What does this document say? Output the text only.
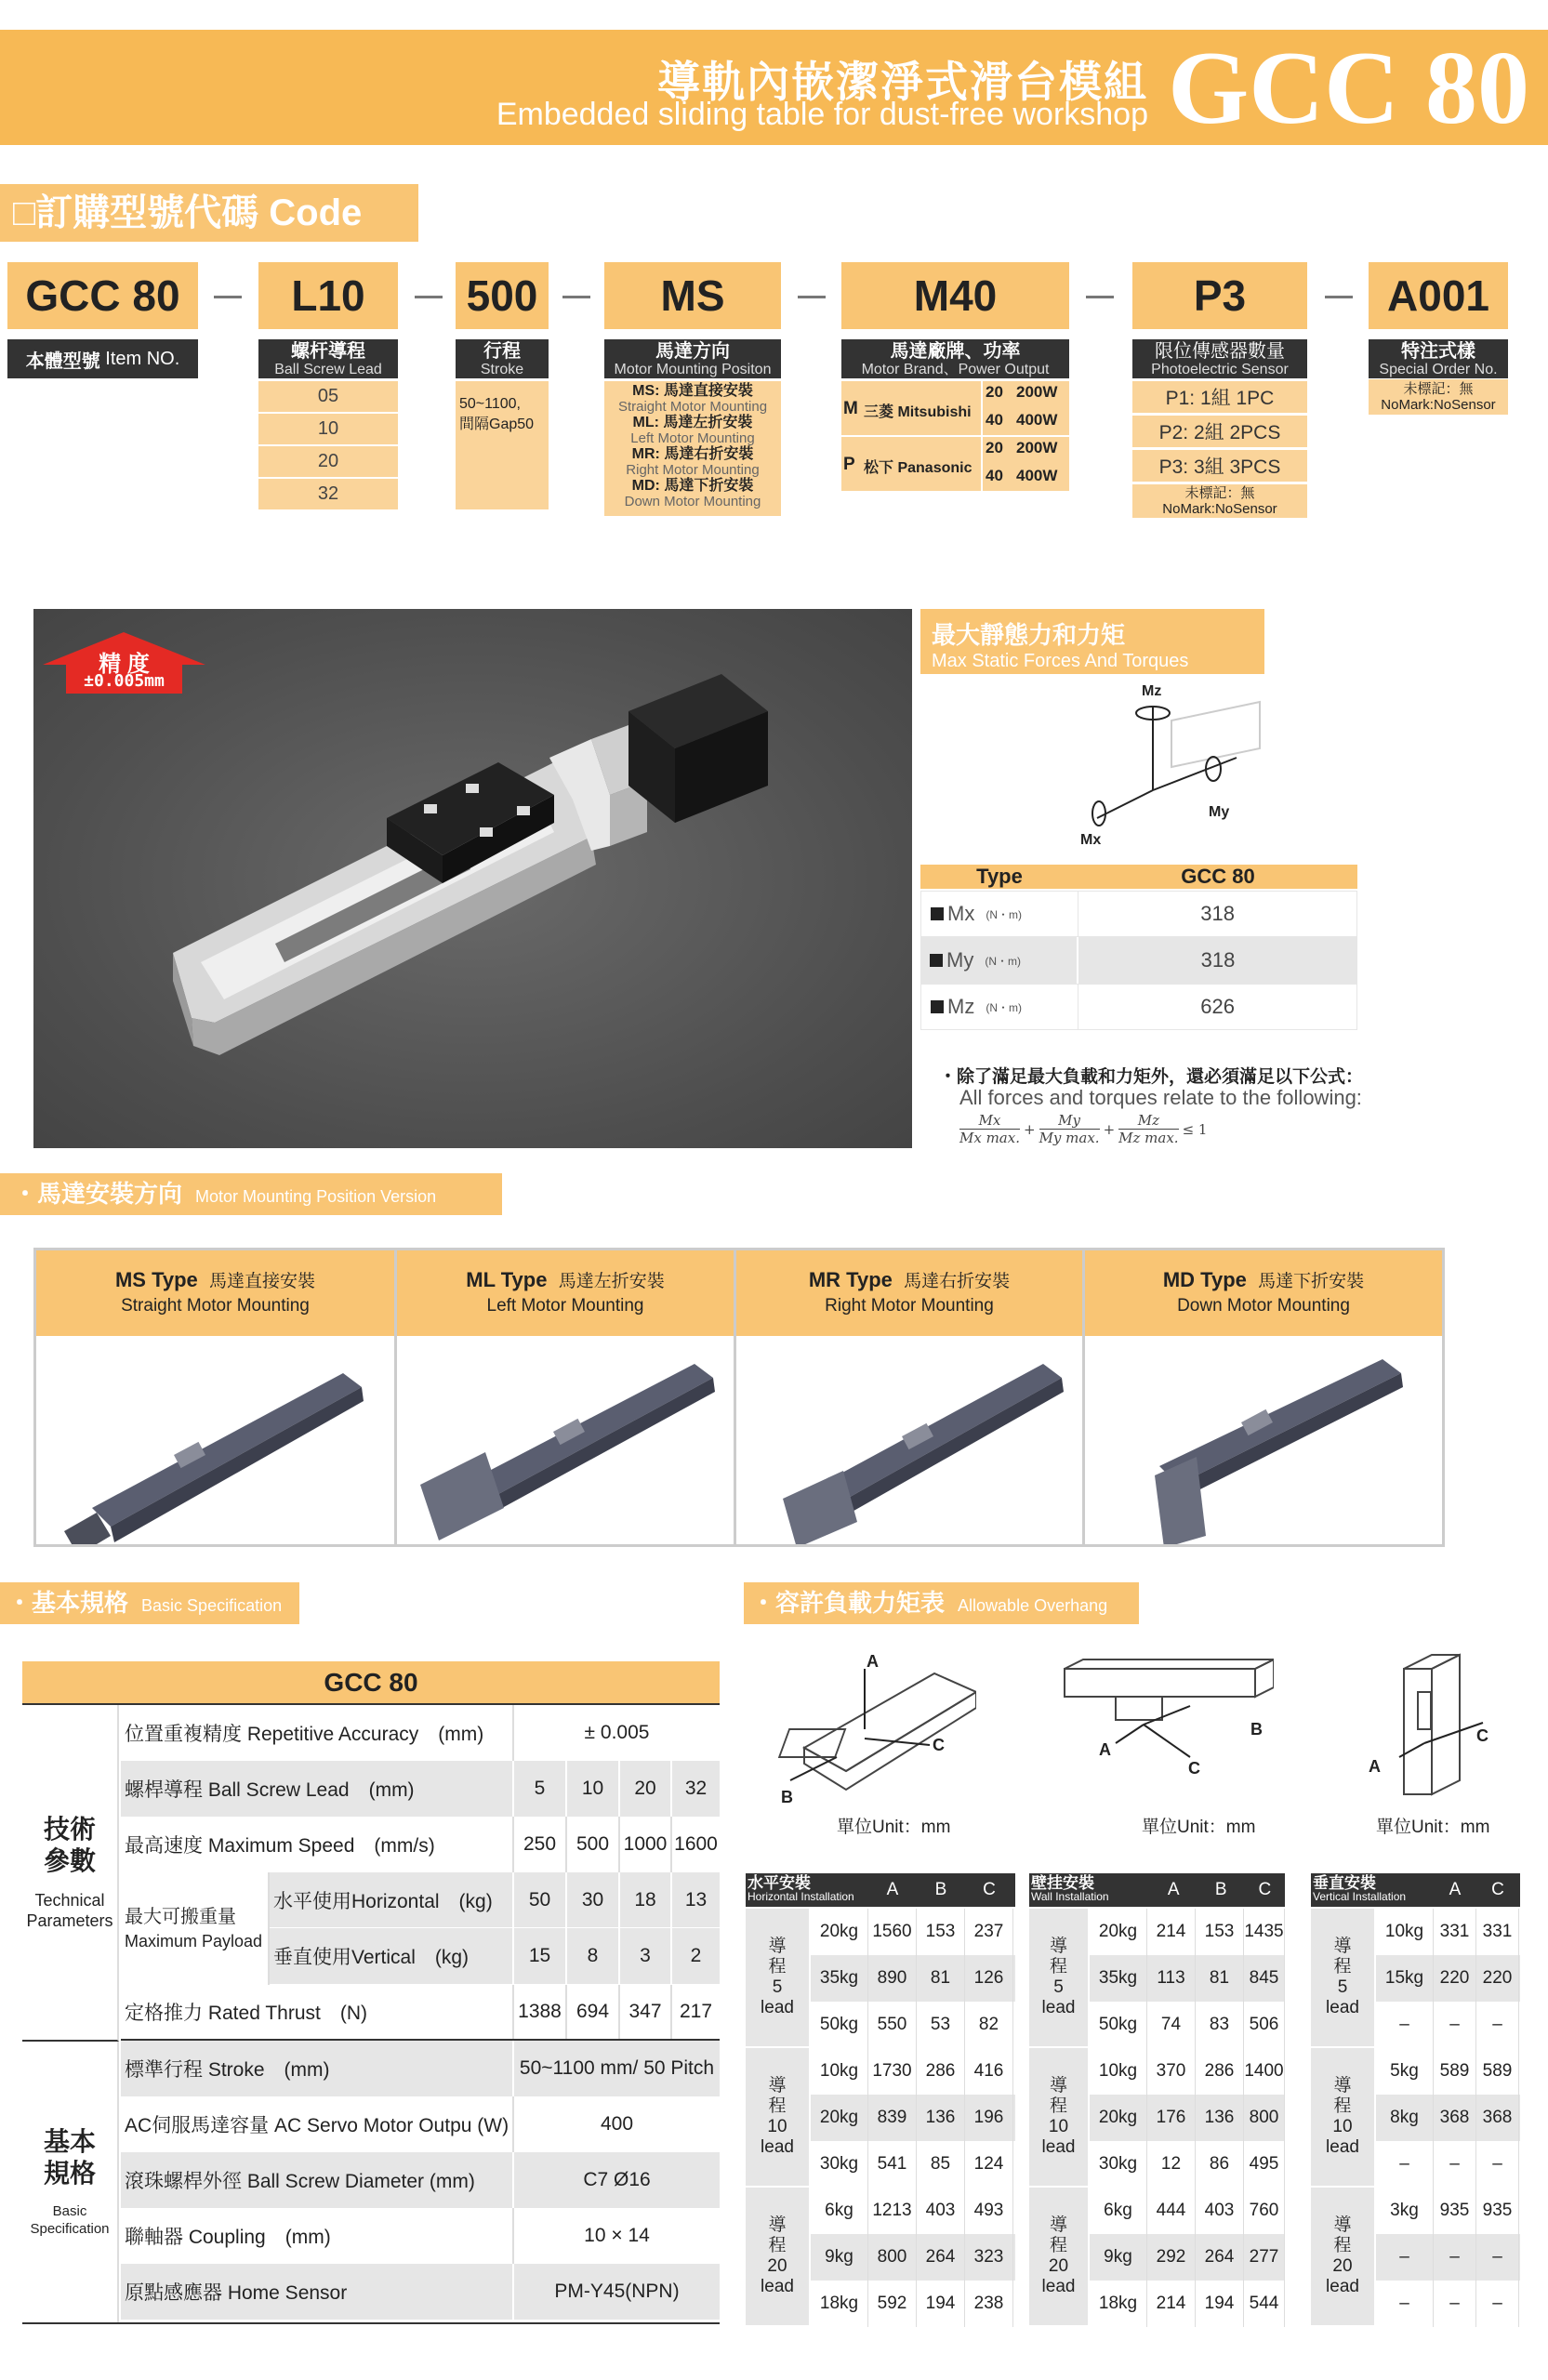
導軌內嵌潔淨式滑台模組
Embedded sliding table for dust-free workshop GCC 80
□訂購型號代碼 Code
GCC 80
本體型號
Item NO.
L10
螺杆導程
Ball Screw Lead
05
10
20
32
500
行程
Stroke
50~1100,
間隔Gap50
MS
馬達方向
Motor Mounting Positon
MS: 馬達直接安裝
Straight Motor Mounting
ML: 馬達左折安裝
Left Motor Mounting
MR: 馬達右折安裝
Right Motor Mounting
MD: 馬達下折安裝
Down Motor Mounting
M40
馬達廠牌、功率
Motor Brand、Power Output
M 三菱 Mitsubishi
20 200W
40 400W
P 松下 Panasonic
20 200W
40 400W
P3
限位傳感器數量
Photoelectric Sensor
P1: 1組 1PC
P2: 2組 2PCS
P3: 3組 3PCS
未標記：無
NoMark:NoSensor
A001
特注式樣
Special Order No.
未標記：無
NoMark:NoSensor
精 度
±0.005mm
最大靜態力和力矩
Max Static Forces And Torques
Mz
My
Mx
Type	GCC 80
Mx (N・m)	318
My (N・m)	318
Mz (N・m)	626
・除了滿足最大負載和力矩外，還必須滿足以下公式：
All forces and torques relate to the following:
Mx
Mx max.
+
My
My max.
+
Mz
Mz max.
≤ 1
・馬達安裝方向 Motor Mounting Position Version
MS Type 馬達直接安裝
Straight Motor Mounting
ML Type 馬達左折安裝
Left Motor Mounting
MR Type 馬達右折安裝
Right Motor Mounting
MD Type 馬達下折安裝
Down Motor Mounting
・基本規格 Basic Specification	・容許負載力矩表 Allowable Overhang
GCC 80
技術
參數
Technical Parameters
基本
規格
Basic Specification
位置重複精度 Repetitive Accuracy　(mm)	± 0.005
螺桿導程 Ball Screw Lead　(mm)	5	10	20	32
最高速度 Maximum Speed　(mm/s)	250	500 1000 1600
最大可搬重量
Maximum Payload
水平使用Horizontal　(kg)	50	30	18	13
垂直使用Vertical　(kg)	15	8	3	2
定格推力 Rated Thrust　(N)	1388 694	347 217
標準行程 Stroke　(mm)	50~1100 mm/ 50 Pitch
AC伺服馬達容量 AC Servo Motor Outpu (W)	400
滾珠螺桿外徑 Ball Screw Diameter (mm)	C7 Ø16
聯軸器 Coupling　(mm)	10 × 14
原點感應器 Home Sensor	PM-Y45(NPN)
A
B
C
單位Unit：mm
A
B
C
單位Unit：mm
A
C
單位Unit：mm
水平安裝
Horizontal Installation	A	B	C
導
程
5
lead
20kg 1560 153	237
35kg	890	81	126
50kg	550	53	82
導
程
10
lead
10kg 1730 286	416
20kg	839	136	196
30kg	541	85	124
導
程
20
lead
6kg	1213 403	493
9kg	800	264	323
18kg	592	194	238
壁挂安裝
Wall Installation	A	B	C
導
程
5
lead
20kg	214	153 1435
35kg	113	81	845
50kg	74	83	506
導
程
10
lead
10kg	370	286 1400
20kg	176	136 800
30kg	12	86	495
導
程
20
lead
6kg	444	403 760
9kg	292	264 277
18kg	214	194 544
垂直安裝
Vertical Installation	A	C
導
程
5
lead
10kg 331 331
15kg 220 220
–	–	–
導
程
10
lead
5kg	589 589
8kg	368 368
–	–	–
導
程
20
lead
3kg	935 935
–	–	–
–	–	–
